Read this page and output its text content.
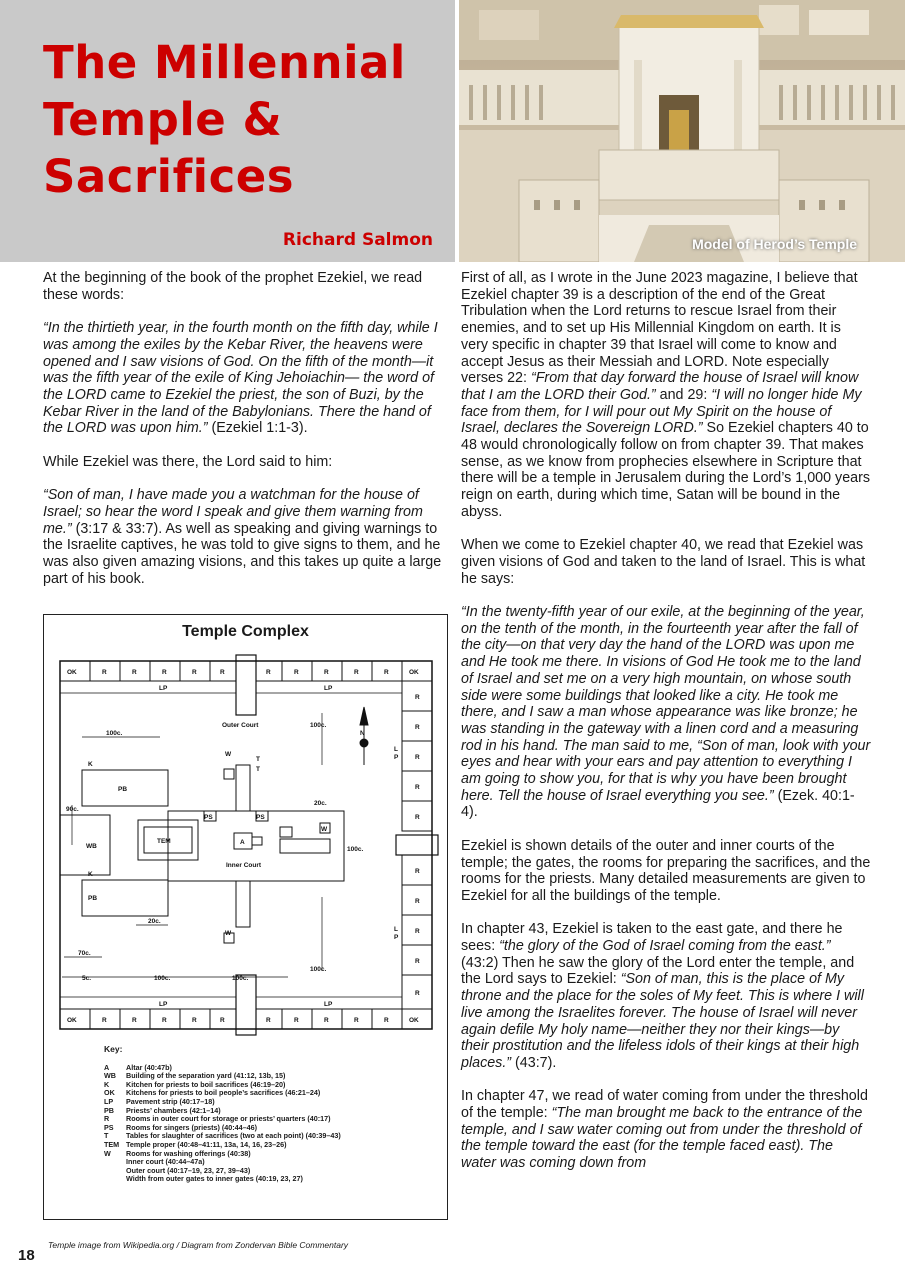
The Millennial
Temple &
Sacrifices
Richard Salmon	Model of Herod’s Temple

At the beginning of the book of the prophet Ezekiel, we read these words:

“In the thirtieth year, in the fourth month on the fifth day, while I was among the exiles by the Kebar River, the heavens were opened and I saw visions of God. On the fifth of the month—it was the fifth year of the exile of King Jehoiachin— the word of the LORD came to Ezekiel the priest, the son of Buzi, by the Kebar River in the land of the Babylonians. There the hand of the LORD was upon him.” (Ezekiel 1:1-3).

While Ezekiel was there, the Lord said to him:

“Son of man, I have made you a watchman for the house of Israel; so hear the word I speak and give them warning from me.” (3:17 & 33:7). As well as speaking and giving warnings to the Israelite captives, he was told to give signs to them, and he was also given amazing visions, and this takes up quite a large part of his book.

Temple Complex
OK	OK
OK	OK
R	R	R	R	R	R	R	R	R	R
R	R	R	R	R	R	R	R	R	R
R
R
R
R
R
R
R
R
R
R
LP	LP
LP	LP
L
P
L
P
Outer Court
Inner Court
TEM	A
K
K
PB
PB
WB
W
W
W
T
T
PS	PS
N
100c.
100c.
100c.
100c.
100c.	100c.
20c.
20c.
90c.
70c.
5c.
Key:
A	Altar (40:47b)
WB	Building of the separation yard (41:12, 13b, 15)
K	Kitchen for priests to boil sacrifices (46:19–20)
OK	Kitchens for priests to boil people’s sacrifices (46:21–24)
LP	Pavement strip (40:17–18)
PB	Priests’ chambers (42:1–14)
R	Rooms in outer court for storage or priests’ quarters (40:17)
PS	Rooms for singers (priests) (40:44–46)
T	Tables for slaughter of sacrifices (two at each point) (40:39–43)
TEM Temple proper (40:48–41:11, 13a, 14, 16, 23–26)
W	Rooms for washing offerings (40:38)
Inner court (40:44–47a)
Outer court (40:17–19, 23, 27, 39–43)
Width from outer gates to inner gates (40:19, 23, 27)

First of all, as I wrote in the June 2023 magazine, I believe that Ezekiel chapter 39 is a description of the end of the Great Tribulation when the Lord returns to rescue Israel from their enemies, and to set up His Millennial Kingdom on earth. It is very specific in chapter 39 that Israel will come to know and accept Jesus as their Messiah and LORD. Note especially verses 22: “From that day forward the house of Israel will know that I am the LORD their God.” and 29: “I will no longer hide My face from them, for I will pour out My Spirit on the house of Israel, declares the Sovereign LORD.” So Ezekiel chapters 40 to 48 would chronologically follow on from chapter 39. That makes sense, as we know from prophecies elsewhere in Scripture that there will be a temple in Jerusalem during the Lord’s 1,000 years reign on earth, during which time, Satan will be bound in the abyss.

When we come to Ezekiel chapter 40, we read that Ezekiel was given visions of God and taken to the land of Israel. This is what he says:

“In the twenty-fifth year of our exile, at the beginning of the year, on the tenth of the month, in the fourteenth year after the fall of the city—on that very day the hand of the LORD was upon me and He took me there. In visions of God He took me to the land of Israel and set me on a very high mountain, on whose south side were some buildings that looked like a city. He took me there, and I saw a man whose appearance was like bronze; he was standing in the gateway with a linen cord and a measuring rod in his hand. The man said to me, “Son of man, look with your eyes and hear with your ears and pay attention to everything I am going to show you, for that is why you have been brought here. Tell the house of Israel everything you see.” (Ezek. 40:1-4).

Ezekiel is shown details of the outer and inner courts of the temple; the gates, the rooms for preparing the sacrifices, and the rooms for the priests. Many detailed measurements are given to Ezekiel for all the buildings of the temple.

In chapter 43, Ezekiel is taken to the east gate, and there he sees: “the glory of the God of Israel coming from the east.” (43:2) Then he saw the glory of the Lord enter the temple, and the Lord says to Ezekiel: “Son of man, this is the place of My throne and the place for the soles of My feet. This is where I will live among the Israelites forever. The house of Israel will never again defile My holy name—neither they nor their kings—by their prostitution and the lifeless idols of their kings at their high places.” (43:7).

In chapter 47, we read of water coming from under the threshold of the temple: “The man brought me back to the entrance of the temple, and I saw water coming out from under the threshold of the temple toward the east (for the temple faced east). The water was coming down from

Temple image from Wikipedia.org / Diagram from Zondervan Bible Commentary
18
